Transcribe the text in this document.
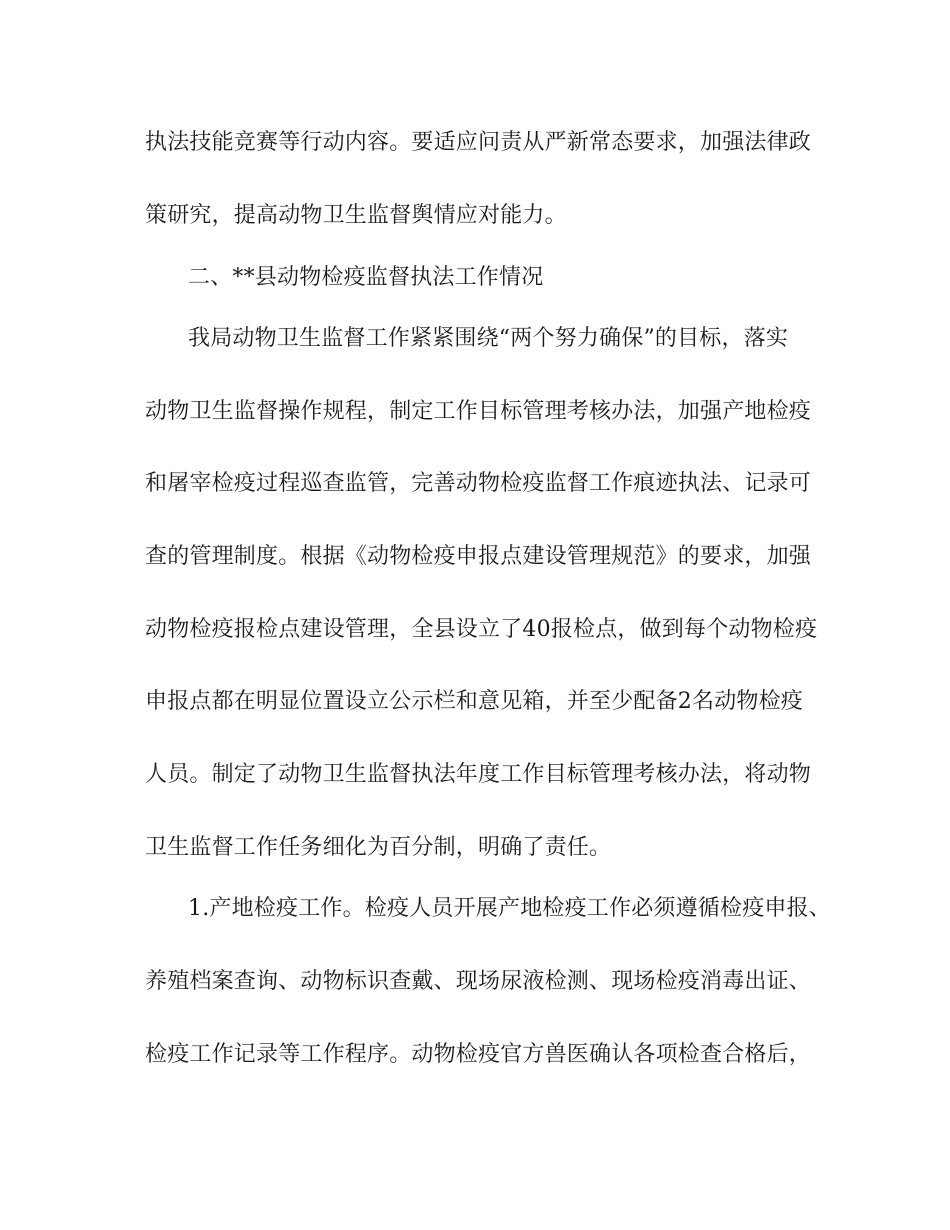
执法技能竞赛等行动内容。要适应问责从严新常态要求，加强法律政

策研究，提高动物卫生监督舆情应对能力。

二、**县动物检疫监督执法工作情况

我局动物卫生监督工作紧紧围绕“两个努力确保”的目标，落实

动物卫生监督操作规程，制定工作目标管理考核办法，加强产地检疫

和屠宰检疫过程巡查监管，完善动物检疫监督工作痕迹执法、记录可

查的管理制度。根据《动物检疫申报点建设管理规范》的要求，加强

动物检疫报检点建设管理，全县设立了40报检点，做到每个动物检疫

申报点都在明显位置设立公示栏和意见箱，并至少配备2名动物检疫

人员。制定了动物卫生监督执法年度工作目标管理考核办法，将动物

卫生监督工作任务细化为百分制，明确了责任。

1.产地检疫工作。检疫人员开展产地检疫工作必须遵循检疫申报、

养殖档案查询、动物标识查戴、现场尿液检测、现场检疫消毒出证、

检疫工作记录等工作程序。动物检疫官方兽医确认各项检查合格后，
